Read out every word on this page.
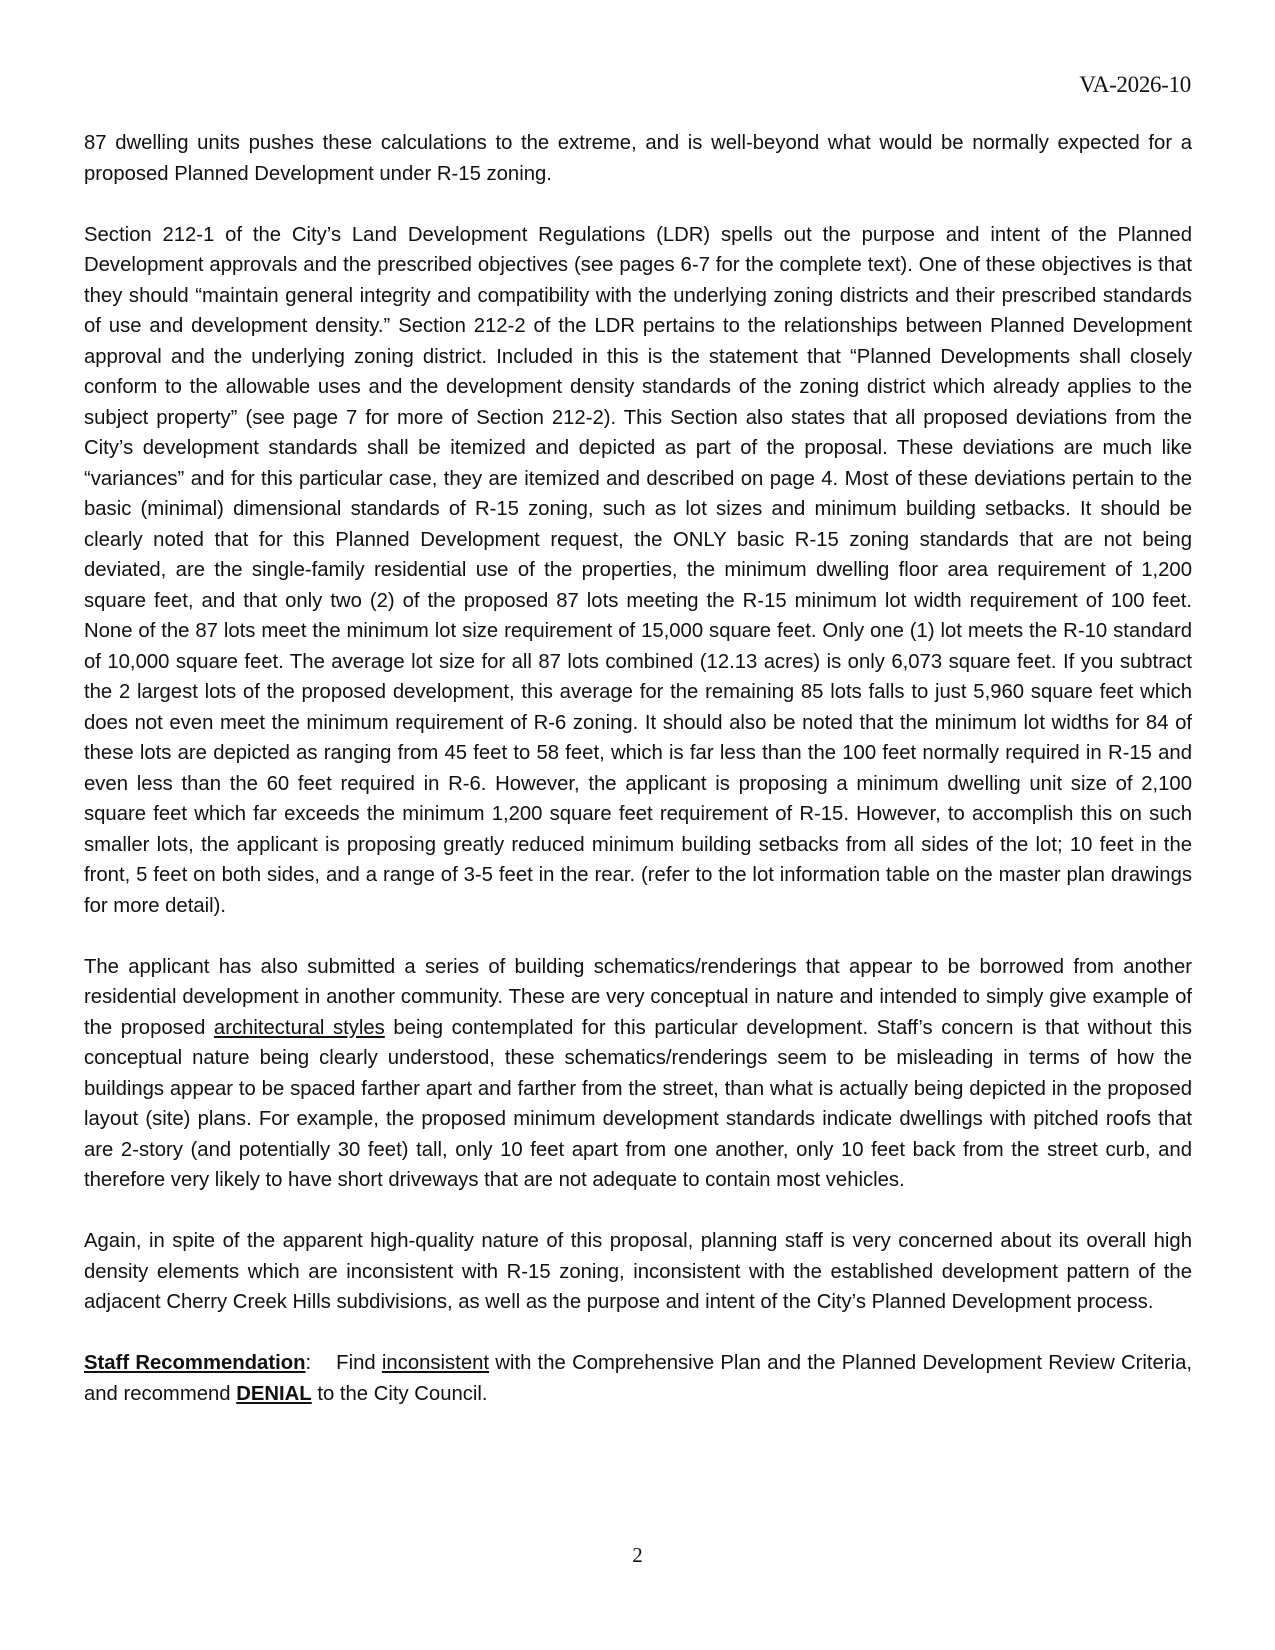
VA-2026-10

87 dwelling units pushes these calculations to the extreme, and is well-beyond what would be normally expected for a proposed Planned Development under R-15 zoning.

Section 212-1 of the City’s Land Development Regulations (LDR) spells out the purpose and intent of the Planned Development approvals and the prescribed objectives (see pages 6-7 for the complete text). One of these objectives is that they should “maintain general integrity and compatibility with the underlying zoning districts and their prescribed standards of use and development density.” Section 212-2 of the LDR pertains to the relationships between Planned Development approval and the underlying zoning district. Included in this is the statement that “Planned Developments shall closely conform to the allowable uses and the development density standards of the zoning district which already applies to the subject property” (see page 7 for more of Section 212-2). This Section also states that all proposed deviations from the City’s development standards shall be itemized and depicted as part of the proposal. These deviations are much like “variances” and for this particular case, they are itemized and described on page 4. Most of these deviations pertain to the basic (minimal) dimensional standards of R-15 zoning, such as lot sizes and minimum building setbacks. It should be clearly noted that for this Planned Development request, the ONLY basic R-15 zoning standards that are not being deviated, are the single-family residential use of the properties, the minimum dwelling floor area requirement of 1,200 square feet, and that only two (2) of the proposed 87 lots meeting the R-15 minimum lot width requirement of 100 feet. None of the 87 lots meet the minimum lot size requirement of 15,000 square feet. Only one (1) lot meets the R-10 standard of 10,000 square feet. The average lot size for all 87 lots combined (12.13 acres) is only 6,073 square feet. If you subtract the 2 largest lots of the proposed development, this average for the remaining 85 lots falls to just 5,960 square feet which does not even meet the minimum requirement of R-6 zoning. It should also be noted that the minimum lot widths for 84 of these lots are depicted as ranging from 45 feet to 58 feet, which is far less than the 100 feet normally required in R-15 and even less than the 60 feet required in R-6. However, the applicant is proposing a minimum dwelling unit size of 2,100 square feet which far exceeds the minimum 1,200 square feet requirement of R-15. However, to accomplish this on such smaller lots, the applicant is proposing greatly reduced minimum building setbacks from all sides of the lot; 10 feet in the front, 5 feet on both sides, and a range of 3-5 feet in the rear. (refer to the lot information table on the master plan drawings for more detail).

The applicant has also submitted a series of building schematics/renderings that appear to be borrowed from another residential development in another community. These are very conceptual in nature and intended to simply give example of the proposed architectural styles being contemplated for this particular development. Staff’s concern is that without this conceptual nature being clearly understood, these schematics/renderings seem to be misleading in terms of how the buildings appear to be spaced farther apart and farther from the street, than what is actually being depicted in the proposed layout (site) plans. For example, the proposed minimum development standards indicate dwellings with pitched roofs that are 2-story (and potentially 30 feet) tall, only 10 feet apart from one another, only 10 feet back from the street curb, and therefore very likely to have short driveways that are not adequate to contain most vehicles.

Again, in spite of the apparent high-quality nature of this proposal, planning staff is very concerned about its overall high density elements which are inconsistent with R-15 zoning, inconsistent with the established development pattern of the adjacent Cherry Creek Hills subdivisions, as well as the purpose and intent of the City’s Planned Development process.

Staff Recommendation:    Find inconsistent with the Comprehensive Plan and the Planned Development Review Criteria, and recommend DENIAL to the City Council.

2
